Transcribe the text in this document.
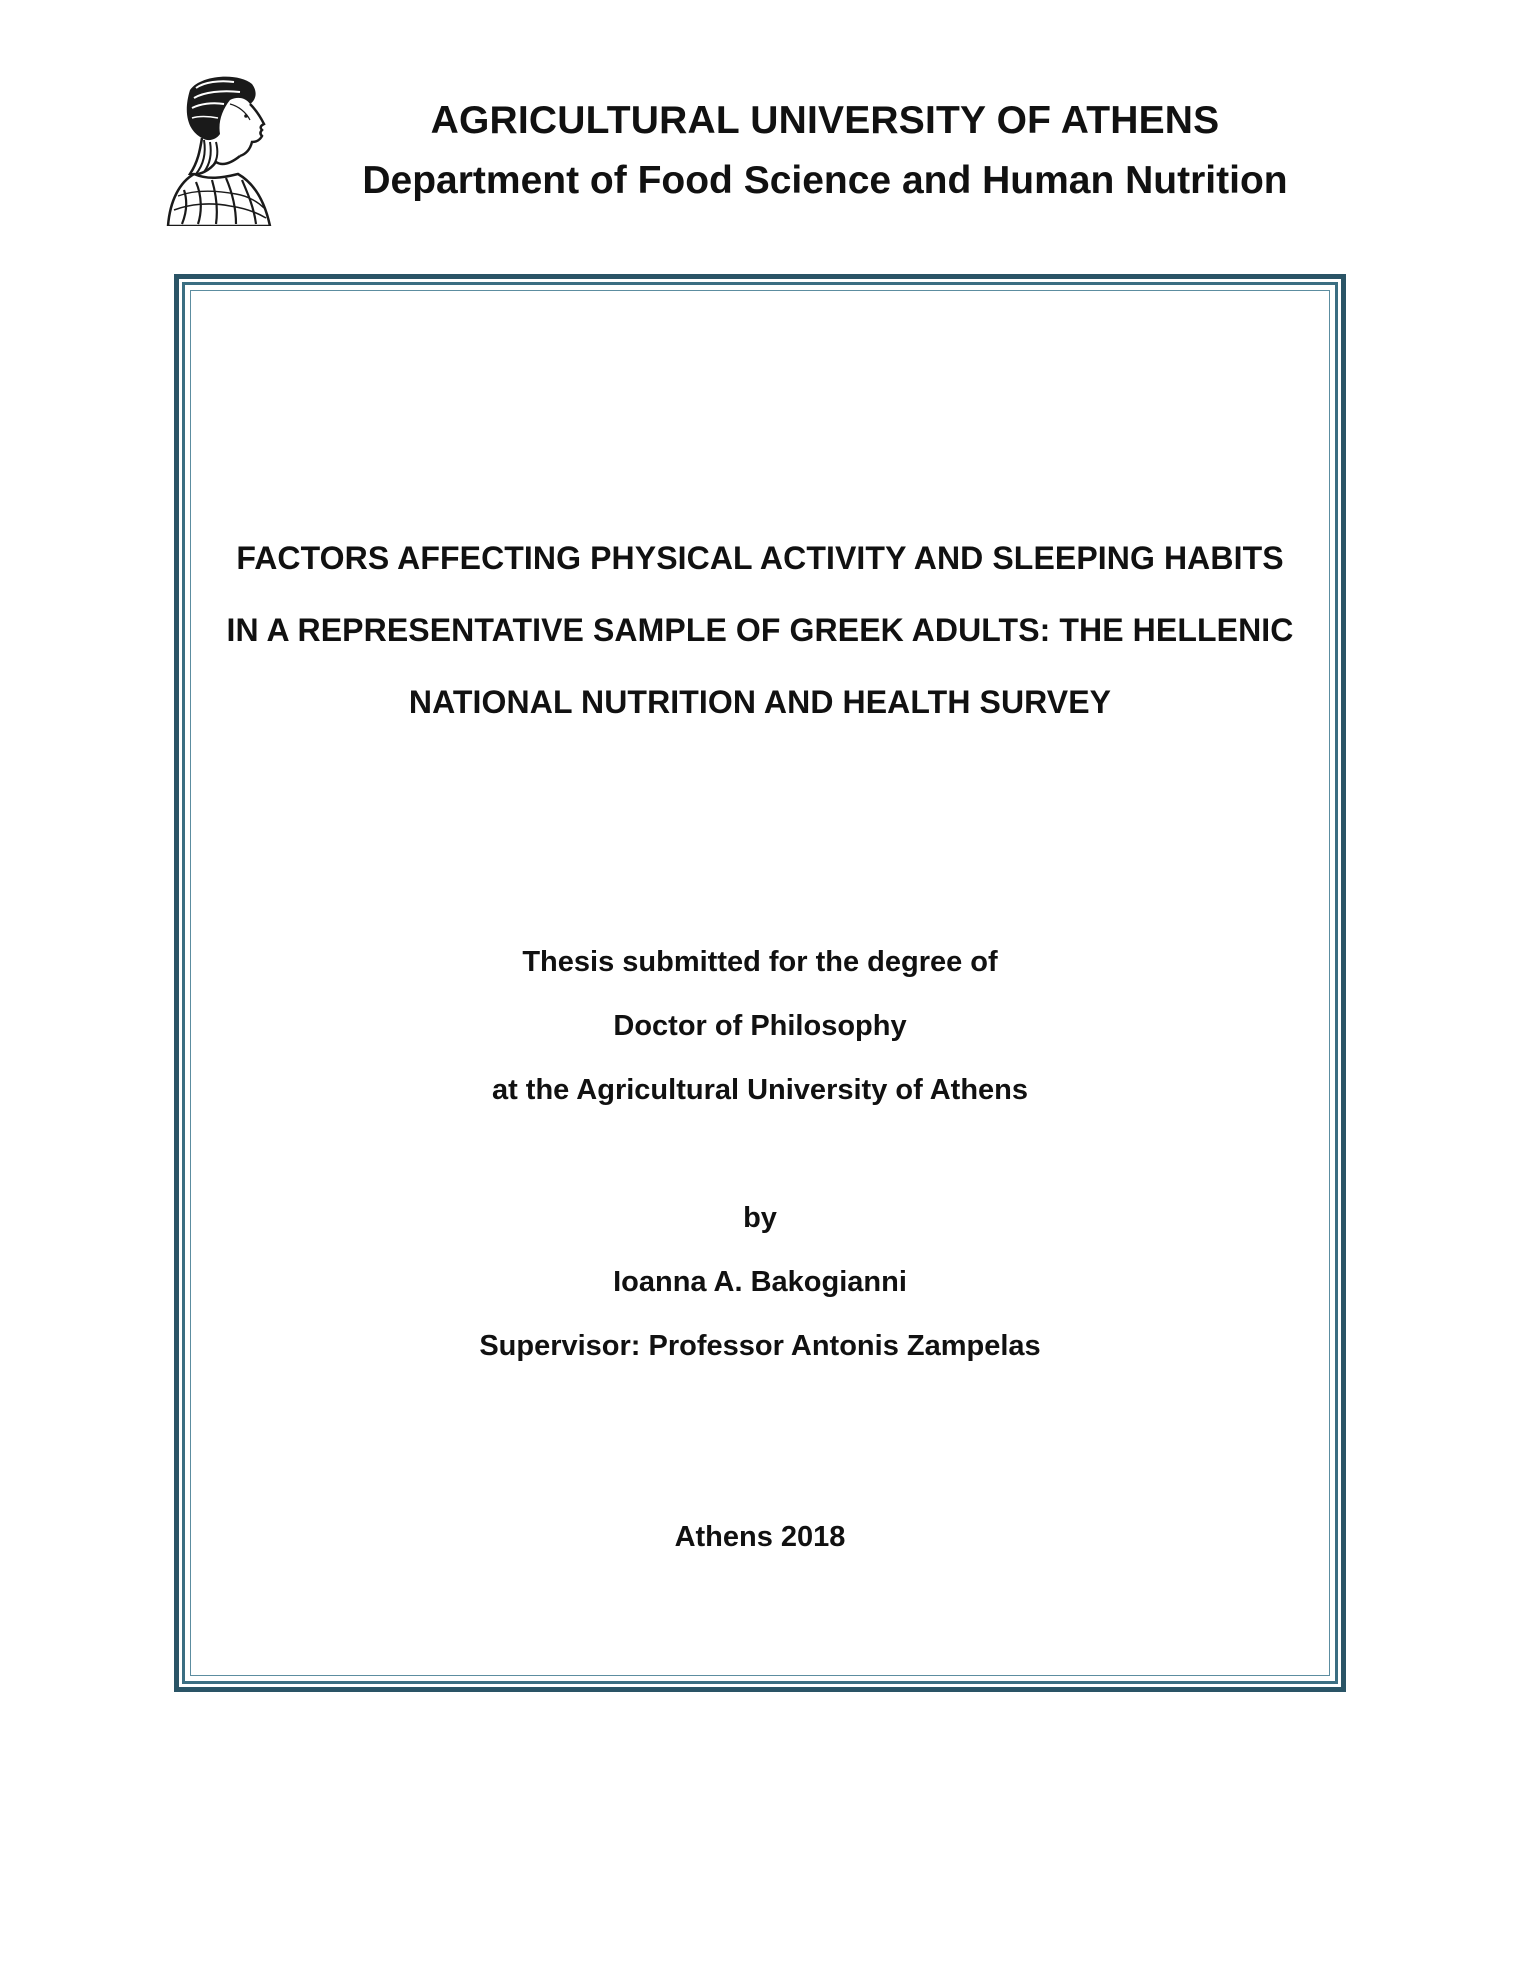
AGRICULTURAL UNIVERSITY OF ATHENS
Department of Food Science and Human Nutrition
FACTORS AFFECTING PHYSICAL ACTIVITY AND SLEEPING HABITS
IN A REPRESENTATIVE SAMPLE OF GREEK ADULTS: THE HELLENIC
NATIONAL NUTRITION AND HEALTH SURVEY
Thesis submitted for the degree of
Doctor of Philosophy
at the Agricultural University of Athens
by
Ioanna A. Bakogianni
Supervisor: Professor Antonis Zampelas
Athens 2018
